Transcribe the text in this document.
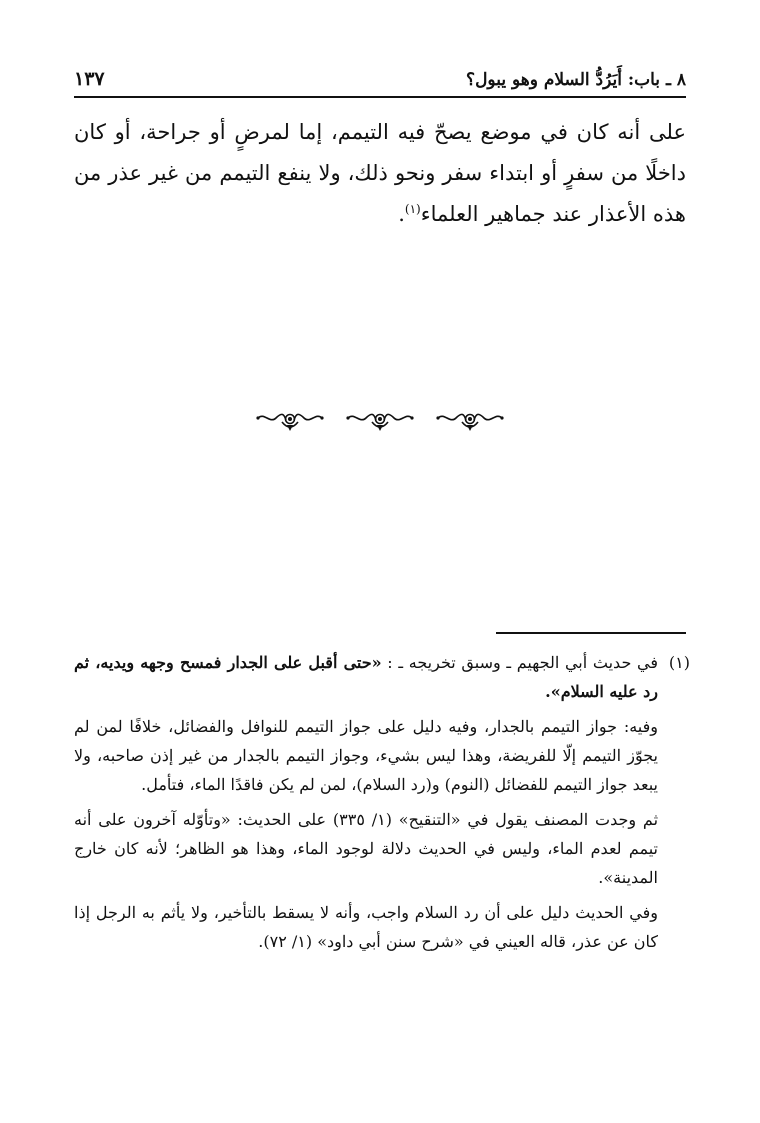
٨ ـ باب: أَيَرُدُّ السلام وهو يبول؟
١٣٧
على أنه كان في موضع يصحّ فيه التيمم، إما لمرضٍ أو جراحة، أو كان داخلًا من سفرٍ أو ابتداء سفر ونحو ذلك، ولا ينفع التيمم من غير عذر من هذه الأعذار عند جماهير العلماء$^{(١)}$.
(١)

في حديث أبي الجهيم ـ وسبق تخريجه ـ : «حتى أقبل على الجدار فمسح وجهه ويديه، ثم رد عليه السلام».

وفيه: جواز التيمم بالجدار، وفيه دليل على جواز التيمم للنوافل والفضائل، خلافًا لمن لم يجوّز التيمم إلّا للفريضة، وهذا ليس بشيء، وجواز التيمم بالجدار من غير إذن صاحبه، ولا يبعد جواز التيمم للفضائل (النوم) و(رد السلام)، لمن لم يكن فاقدًا الماء، فتأمل.

ثم وجدت المصنف يقول في «التنقيح» (١/ ٣٣٥) على الحديث: «وتأوّله آخرون على أنه تيمم لعدم الماء، وليس في الحديث دلالة لوجود الماء، وهذا هو الظاهر؛ لأنه كان خارج المدينة».

وفي الحديث دليل على أن رد السلام واجب، وأنه لا يسقط بالتأخير، ولا يأثم به الرجل إذا كان عن عذر، قاله العيني في «شرح سنن أبي داود» (١/ ٧٢).
